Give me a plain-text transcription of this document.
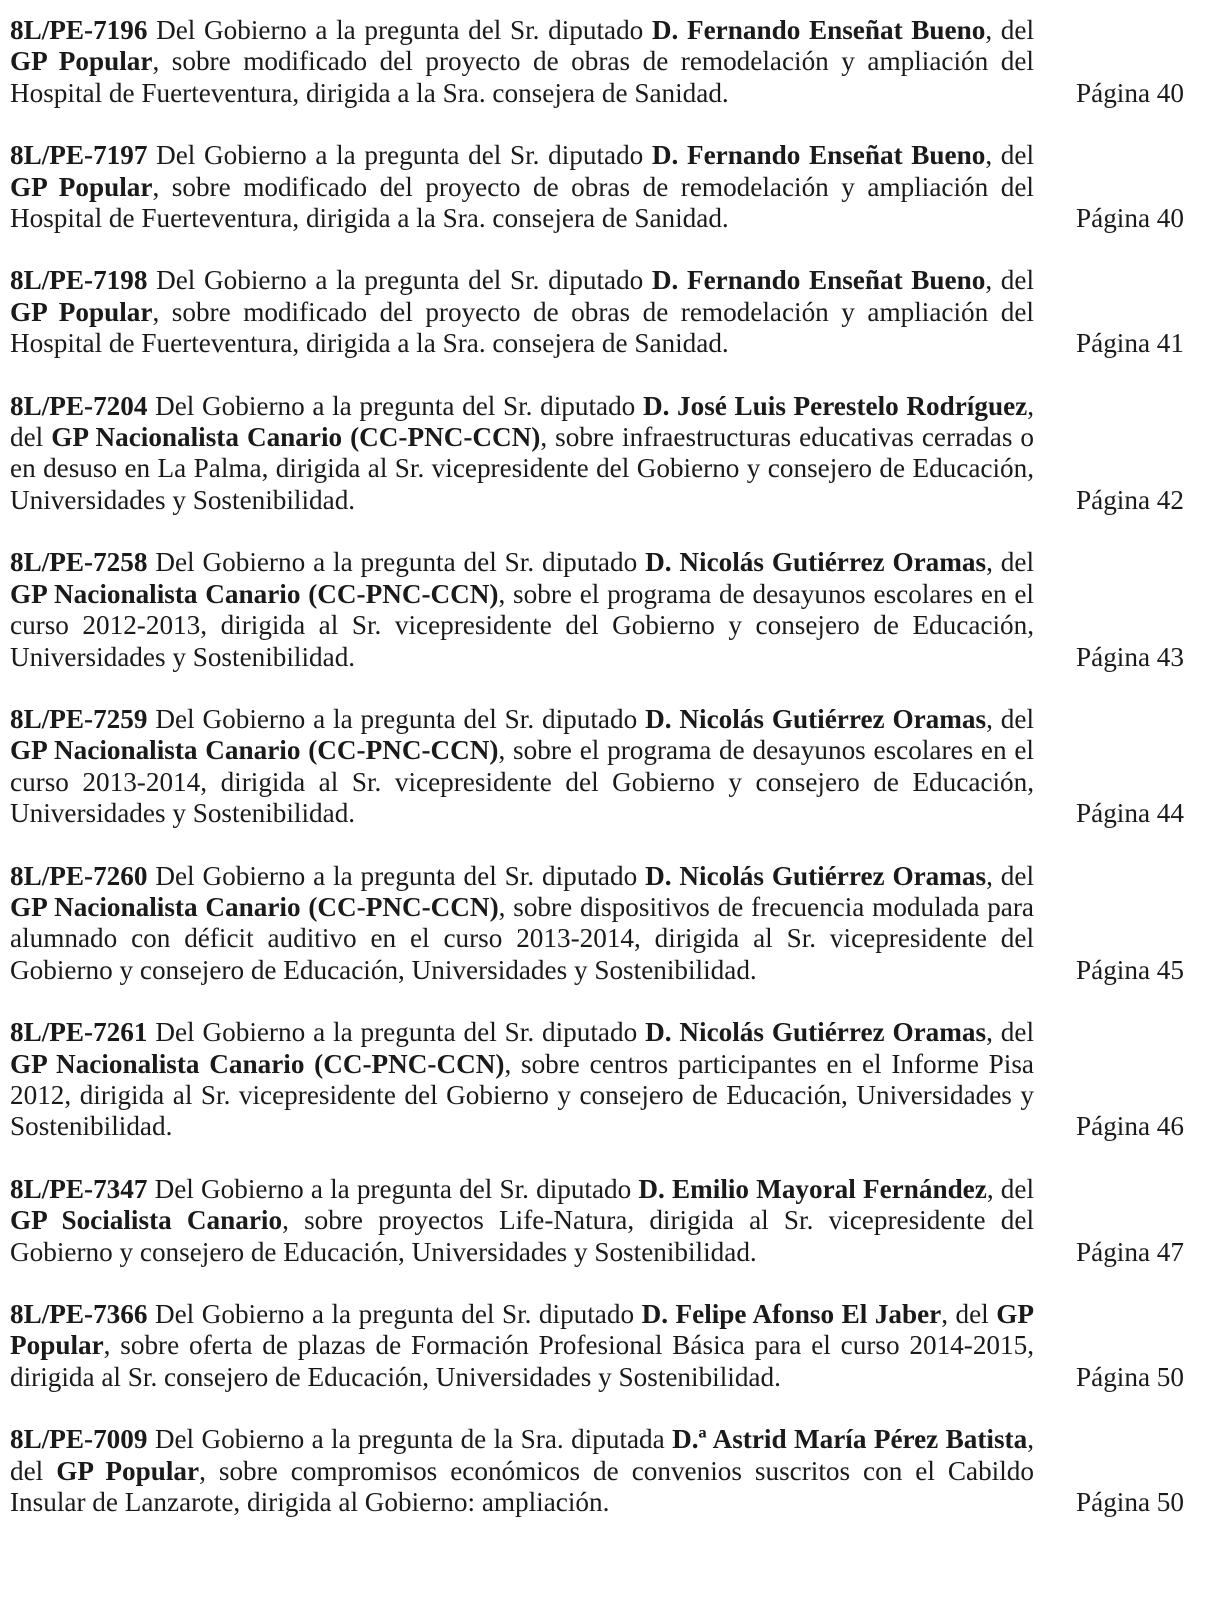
8L/PE-7196 Del Gobierno a la pregunta del Sr. diputado D. Fernando Enseñat Bueno, del GP Popular, sobre modificado del proyecto de obras de remodelación y ampliación del Hospital de Fuerteventura, dirigida a la Sra. consejera de Sanidad.	Página 40
8L/PE-7197 Del Gobierno a la pregunta del Sr. diputado D. Fernando Enseñat Bueno, del GP Popular, sobre modificado del proyecto de obras de remodelación y ampliación del Hospital de Fuerteventura, dirigida a la Sra. consejera de Sanidad.	Página 40
8L/PE-7198 Del Gobierno a la pregunta del Sr. diputado D. Fernando Enseñat Bueno, del GP Popular, sobre modificado del proyecto de obras de remodelación y ampliación del Hospital de Fuerteventura, dirigida a la Sra. consejera de Sanidad.	Página 41
8L/PE-7204 Del Gobierno a la pregunta del Sr. diputado D. José Luis Perestelo Rodríguez, del GP Nacionalista Canario (CC-PNC-CCN), sobre infraestructuras educativas cerradas o en desuso en La Palma, dirigida al Sr. vicepresidente del Gobierno y consejero de Educación, Universidades y Sostenibilidad.	Página 42
8L/PE-7258 Del Gobierno a la pregunta del Sr. diputado D. Nicolás Gutiérrez Oramas, del GP Nacionalista Canario (CC-PNC-CCN), sobre el programa de desayunos escolares en el curso 2012-2013, dirigida al Sr. vicepresidente del Gobierno y consejero de Educación, Universidades y Sostenibilidad.	Página 43
8L/PE-7259 Del Gobierno a la pregunta del Sr. diputado D. Nicolás Gutiérrez Oramas, del GP Nacionalista Canario (CC-PNC-CCN), sobre el programa de desayunos escolares en el curso 2013-2014, dirigida al Sr. vicepresidente del Gobierno y consejero de Educación, Universidades y Sostenibilidad.	Página 44
8L/PE-7260 Del Gobierno a la pregunta del Sr. diputado D. Nicolás Gutiérrez Oramas, del GP Nacionalista Canario (CC-PNC-CCN), sobre dispositivos de frecuencia modulada para alumnado con déficit auditivo en el curso 2013-2014, dirigida al Sr. vicepresidente del Gobierno y consejero de Educación, Universidades y Sostenibilidad.	Página 45
8L/PE-7261 Del Gobierno a la pregunta del Sr. diputado D. Nicolás Gutiérrez Oramas, del GP Nacionalista Canario (CC-PNC-CCN), sobre centros participantes en el Informe Pisa 2012, dirigida al Sr. vicepresidente del Gobierno y consejero de Educación, Universidades y Sostenibilidad.	Página 46
8L/PE-7347 Del Gobierno a la pregunta del Sr. diputado D. Emilio Mayoral Fernández, del GP Socialista Canario, sobre proyectos Life-Natura, dirigida al Sr. vicepresidente del Gobierno y consejero de Educación, Universidades y Sostenibilidad.	Página 47
8L/PE-7366 Del Gobierno a la pregunta del Sr. diputado D. Felipe Afonso El Jaber, del GP Popular, sobre oferta de plazas de Formación Profesional Básica para el curso 2014-2015, dirigida al Sr. consejero de Educación, Universidades y Sostenibilidad.	Página 50
8L/PE-7009 Del Gobierno a la pregunta de la Sra. diputada D.ª Astrid María Pérez Batista, del GP Popular, sobre compromisos económicos de convenios suscritos con el Cabildo Insular de Lanzarote, dirigida al Gobierno: ampliación.	Página 50
